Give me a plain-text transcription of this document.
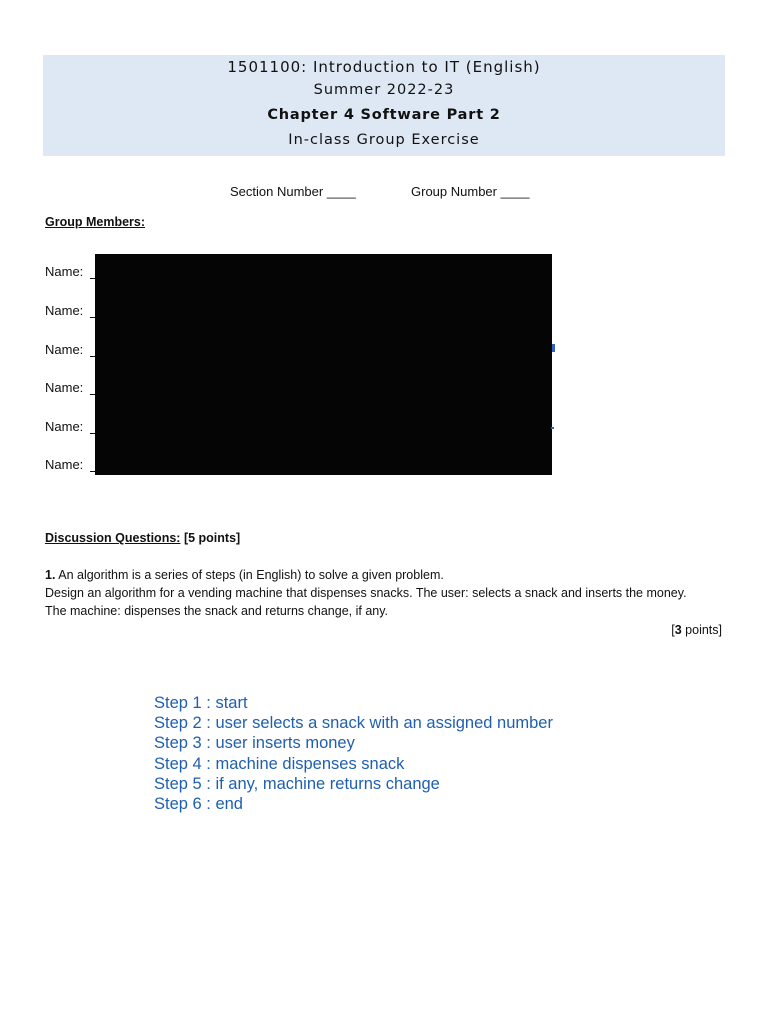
1501100: Introduction to IT (English)
Summer 2022-23
Chapter 4 Software Part 2
In-class Group Exercise
Section Number ____	Group Number ____
Group Members:
Name:
Name:
Name:
Name:
Name:
Name:
Discussion Questions: [5 points]
1. An algorithm is a series of steps (in English) to solve a given problem.
Design an algorithm for a vending machine that dispenses snacks. The user: selects a snack and inserts the money.
The machine: dispenses the snack and returns change, if any.
[3 points]
Step 1 : start
Step 2 : user selects a snack with an assigned number
Step 3 : user inserts money
Step 4 : machine dispenses snack
Step 5 : if any, machine returns change
Step 6 : end
